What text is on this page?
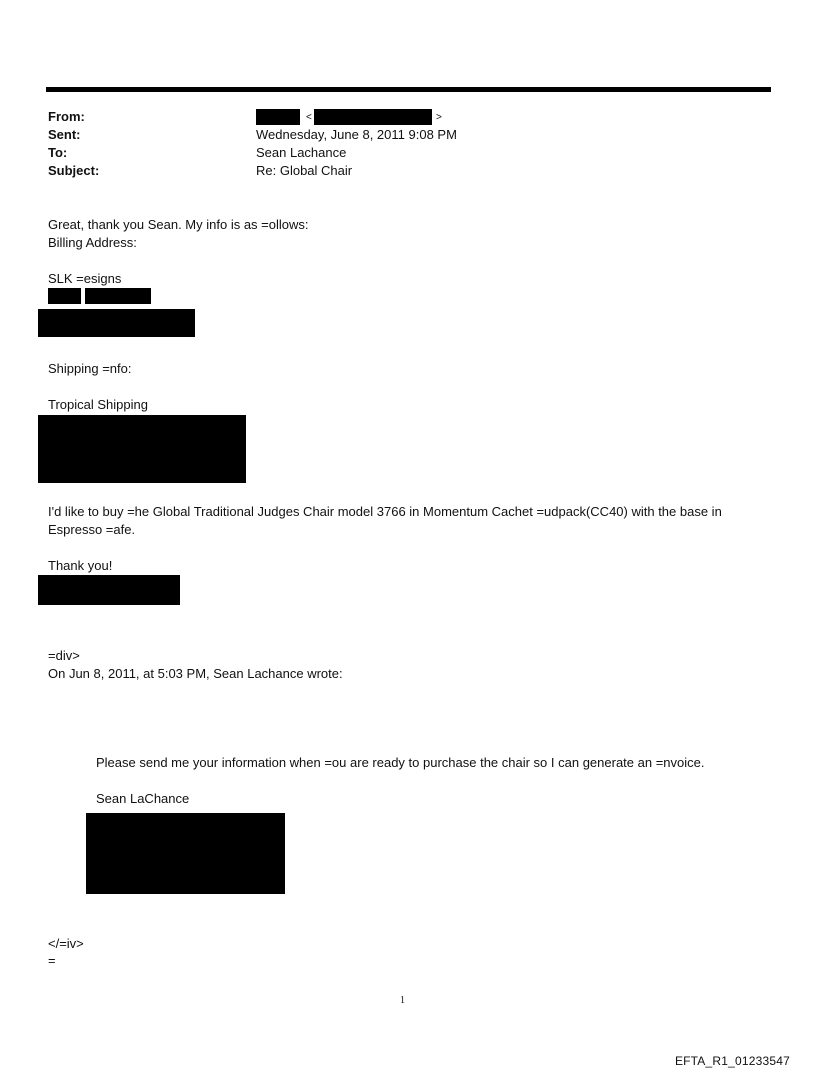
From:	<	>
Sent:	Wednesday, June 8, 2011 9:08 PM
To:	Sean Lachance
Subject:	Re: Global Chair
Great, thank you Sean. My info is as =ollows:
Billing Address:
SLK =esigns
Shipping =nfo:
Tropical Shipping
I'd like to buy =he Global Traditional Judges Chair model 3766 in Momentum Cachet =udpack(CC40) with the base in
Espresso =afe.
Thank you!
=div>
On Jun 8, 2011, at 5:03 PM, Sean Lachance wrote:
Please send me your information when =ou are ready to purchase the chair so I can generate an =nvoice.
Sean LaChance
</=iv>
=
1
EFTA_R1_01233547
